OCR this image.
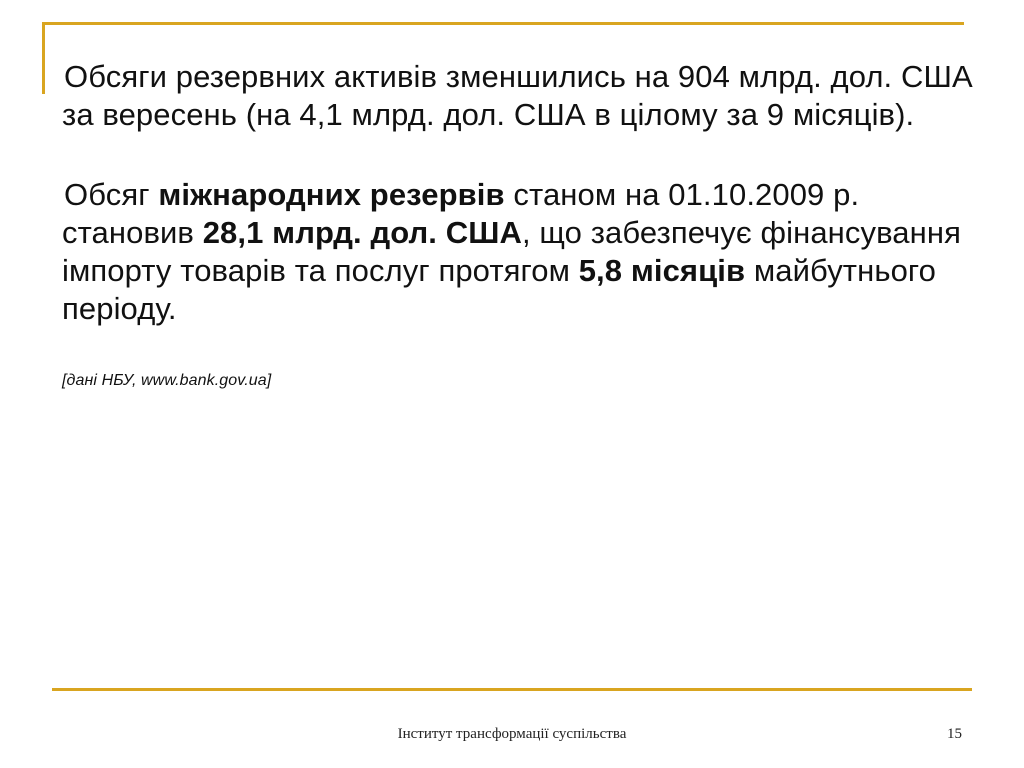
Обсяги резервних активів зменшились на 904 млрд. дол. США за вересень (на 4,1 млрд. дол. США в цілому за 9 місяців).

Обсяг міжнародних резервів станом на 01.10.2009 р. становив 28,1 млрд. дол. США, що забезпечує фінансування імпорту товарів та послуг протягом 5,8 місяців майбутнього періоду.

[дані НБУ, www.bank.gov.ua]
Інститут трансформації суспільства	15
